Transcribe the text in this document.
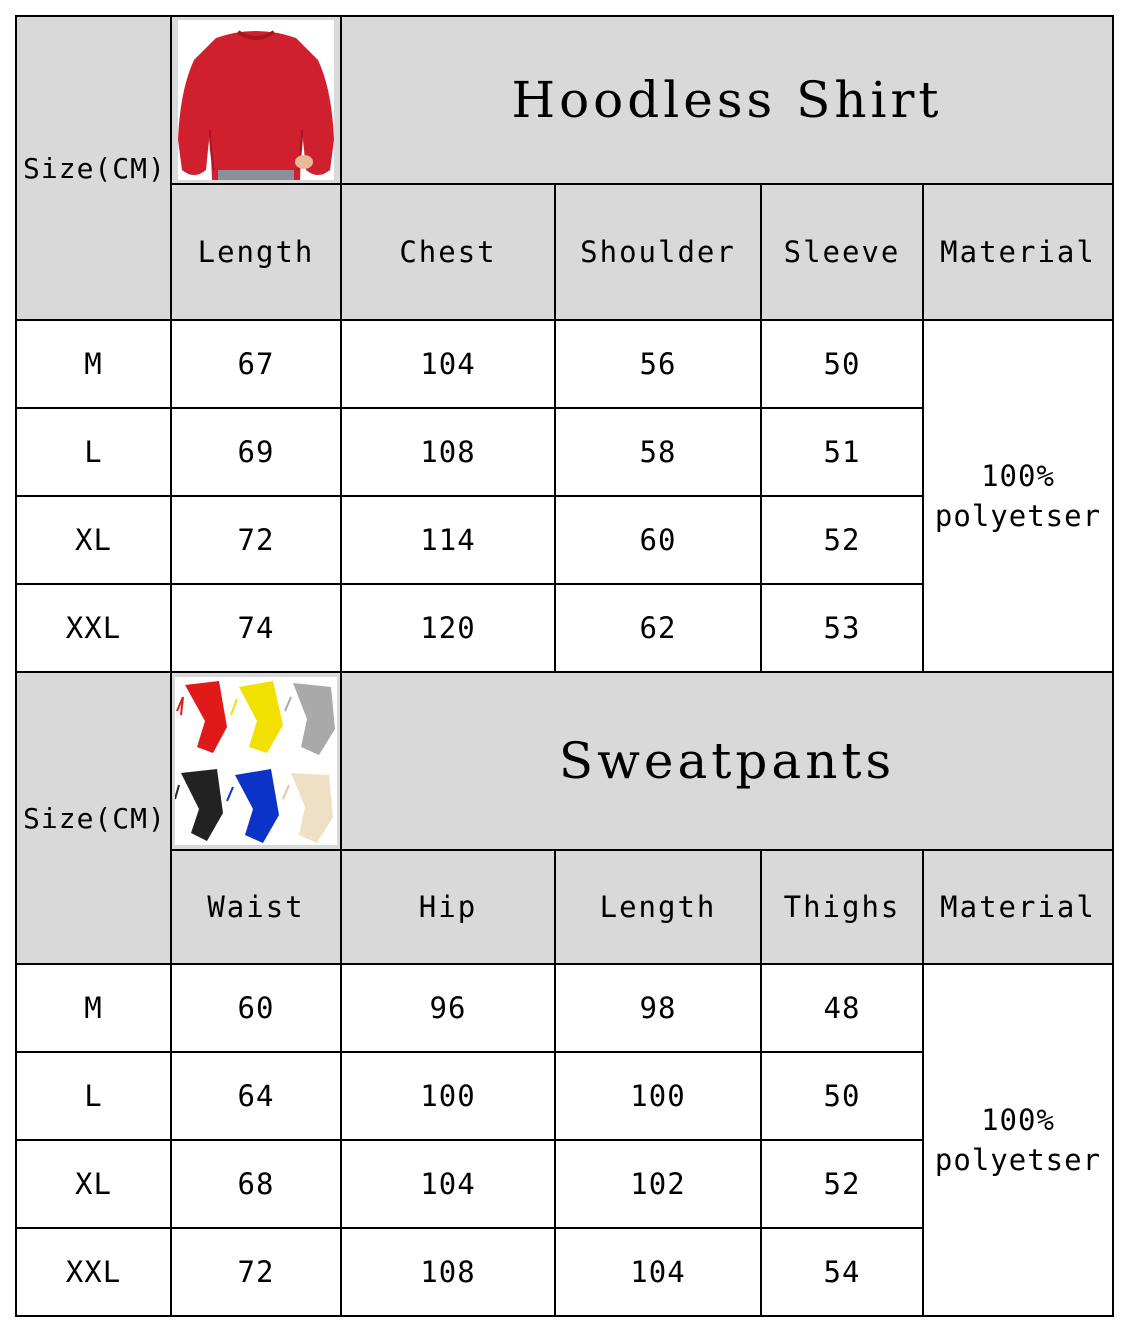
Size(CM)		Hoodless Shirt			
	Length	Chest	Shoulder	Sleeve	Material
M	67	104	56	50	100%
polyetser

L	69	108	58	51	
XL	72	114	60	52	
XXL	74	120	62	53	
Size(CM)		Sweatpants			
	Waist	Hip	Length	Thighs	Material
M	60	96	98	48	100%
polyetser

L	64	100	100	50	
XL	68	104	102	52	
XXL	72	108	104	54	
